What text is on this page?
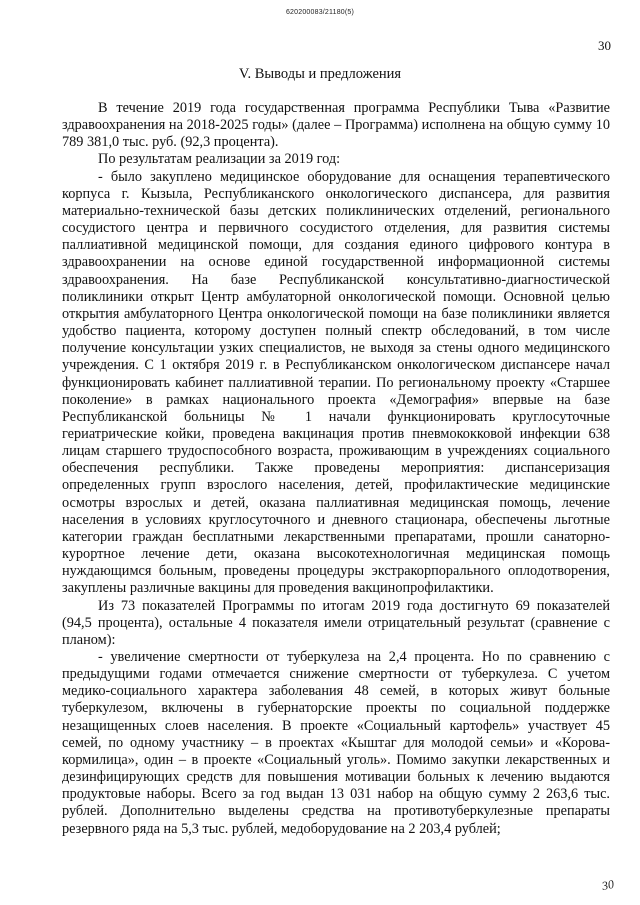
620200083/21180(5)
30
V. Выводы и предложения

В течение 2019 года государственная программа Республики Тыва «Развитие здравоохранения на 2018-2025 годы» (далее – Программа) исполнена на общую сумму 10 789 381,0 тыс. руб. (92,3 процента).

По результатам реализации за 2019 год:

- было закуплено медицинское оборудование для оснащения терапевтического корпуса г. Кызыла, Республиканского онкологического диспансера, для развития материально-технической базы детских поликлинических отделений, регионального сосудистого центра и первичного сосудистого отделения, для развития системы паллиативной медицинской помощи, для создания единого цифрового контура в здравоохранении на основе единой государственной информационной системы здравоохранения. На базе Республиканской консультативно-диагностической поликлиники открыт Центр амбулаторной онкологической помощи. Основной целью открытия амбулаторного Центра онкологической помощи на базе поликлиники является удобство пациента, которому доступен полный спектр обследований, в том числе получение консультации узких специалистов, не выходя за стены одного медицинского учреждения. С 1 октября 2019 г. в Республиканском онкологическом диспансере начал функционировать кабинет паллиативной терапии. По региональному проекту «Старшее поколение» в рамках национального проекта «Демография» впервые на базе Республиканской больницы № 1 начали функционировать круглосуточные гериатрические койки, проведена вакцинация против пневмококковой инфекции 638 лицам старшего трудоспособного возраста, проживающим в учреждениях социального обеспечения республики. Также проведены мероприятия: диспансеризация определенных групп взрослого населения, детей, профилактические медицинские осмотры взрослых и детей, оказана паллиативная медицинская помощь, лечение населения в условиях круглосуточного и дневного стационара, обеспечены льготные категории граждан бесплатными лекарственными препаратами, прошли санаторно-курортное лечение дети, оказана высокотехнологичная медицинская помощь нуждающимся больным, проведены процедуры экстракорпорального оплодотворения, закуплены различные вакцины для проведения вакцинопрофилактики.

Из 73 показателей Программы по итогам 2019 года достигнуто 69 показателей (94,5 процента), остальные 4 показателя имели отрицательный результат (сравнение с планом):

- увеличение смертности от туберкулеза на 2,4 процента. Но по сравнению с предыдущими годами отмечается снижение смертности от туберкулеза. С учетом медико-социального характера заболевания 48 семей, в которых живут больные туберкулезом, включены в губернаторские проекты по социальной поддержке незащищенных слоев населения. В проекте «Социальный картофель» участвует 45 семей, по одному участнику – в проектах «Кыштаг для молодой семьи» и «Корова-кормилица», один – в проекте «Социальный уголь». Помимо закупки лекарственных и дезинфицирующих средств для повышения мотивации больных к лечению выдаются продуктовые наборы. Всего за год выдан 13 031 набор на общую сумму 2 263,6 тыс. рублей. Дополнительно выделены средства на противотуберкулезные препараты резервного ряда на 5,3 тыс. рублей, медоборудование на 2 203,4 рублей;

30
